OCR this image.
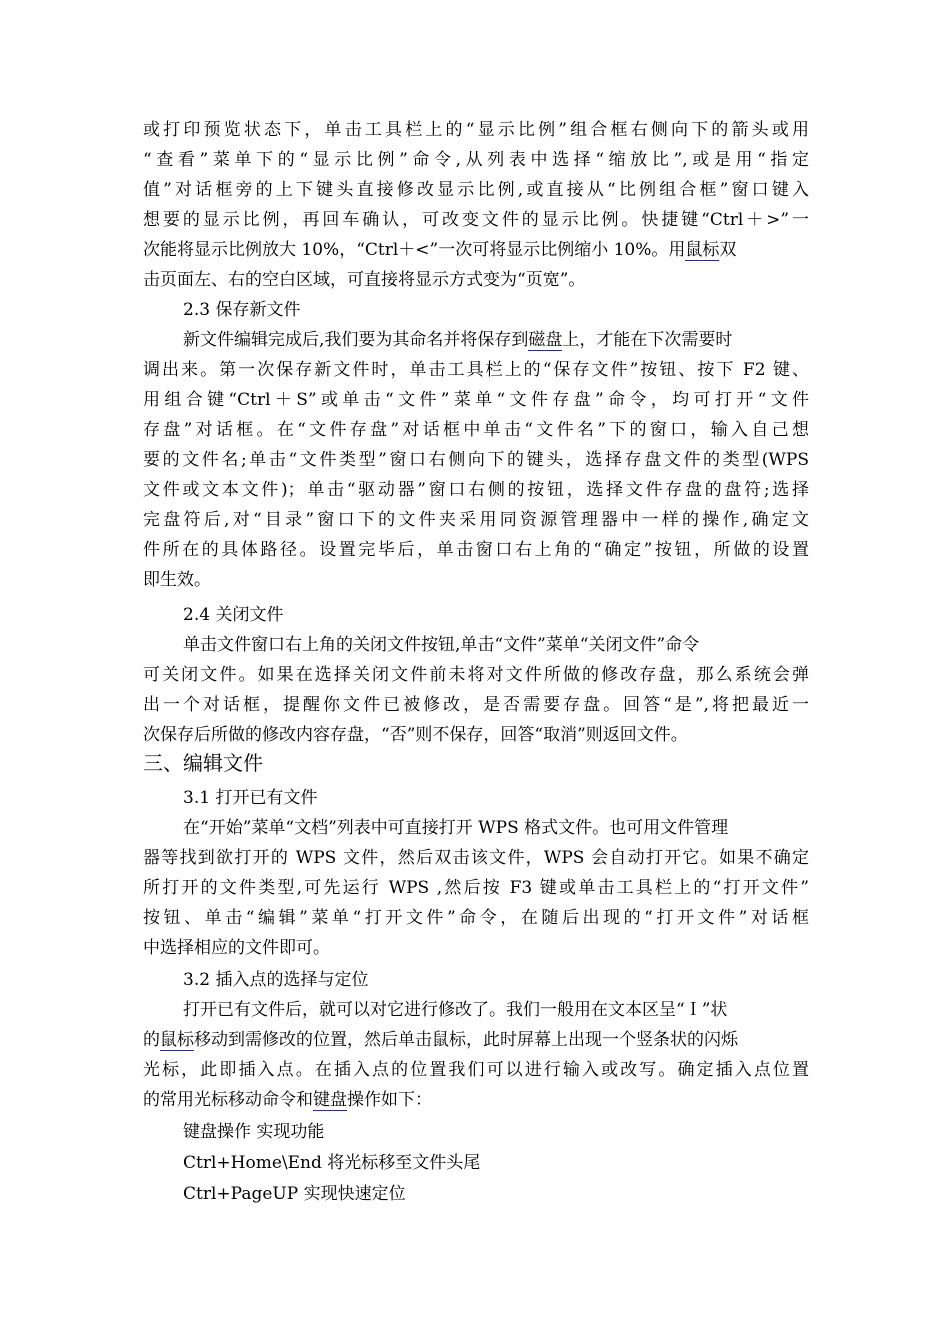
或打印预览状态下，单击工具栏上的“显示比例”组合框右侧向下的箭头或用
“查看”菜单下的“显示比例”命令,从列表中选择“缩放比”,或是用“指定
值”对话框旁的上下键头直接修改显示比例,或直接从“比例组合框”窗口键入
想要的显示比例，再回车确认，可改变文件的显示比例。快捷键“Ctrl＋>”一
次能将显示比例放大 10%，“Ctrl＋<”一次可将显示比例缩小 10%。用鼠标双
击页面左、右的空白区域，可直接将显示方式变为“页宽”。
2.3 保存新文件
新文件编辑完成后,我们要为其命名并将保存到磁盘上，才能在下次需要时
调出来。第一次保存新文件时，单击工具栏上的“保存文件”按钮、按下 F2 键、
用组合键“Ctrl＋S”或单击“文件”菜单“文件存盘”命令，均可打开“文件
存盘”对话框。在“文件存盘”对话框中单击“文件名”下的窗口，输入自己想
要的文件名;单击“文件类型”窗口右侧向下的键头，选择存盘文件的类型(WPS
文件或文本文件)；单击“驱动器”窗口右侧的按钮，选择文件存盘的盘符;选择
完盘符后,对“目录”窗口下的文件夹采用同资源管理器中一样的操作,确定文
件所在的具体路径。设置完毕后，单击窗口右上角的“确定”按钮，所做的设置
即生效。
2.4 关闭文件
单击文件窗口右上角的关闭文件按钮,单击“文件”菜单“关闭文件”命令
可关闭文件。如果在选择关闭文件前未将对文件所做的修改存盘，那么系统会弹
出一个对话框，提醒你文件已被修改，是否需要存盘。回答“是”,将把最近一
次保存后所做的修改内容存盘，“否”则不保存，回答“取消”则返回文件。
三、编辑文件
3.1 打开已有文件
在“开始”菜单“文档”列表中可直接打开 WPS 格式文件。也可用文件管理
器等找到欲打开的 WPS 文件，然后双击该文件，WPS 会自动打开它。如果不确定
所打开的文件类型,可先运行 WPS ,然后按 F3 键或单击工具栏上的“打开文件”
按钮、单击“编辑”菜单“打开文件”命令，在随后出现的“打开文件”对话框
中选择相应的文件即可。
3.2 插入点的选择与定位
打开已有文件后，就可以对它进行修改了。我们一般用在文本区呈“Ｉ”状
的鼠标移动到需修改的位置，然后单击鼠标，此时屏幕上出现一个竖条状的闪烁
光标，此即插入点。在插入点的位置我们可以进行输入或改写。确定插入点位置
的常用光标移动命令和键盘操作如下：
键盘操作 实现功能
Ctrl+Home\End 将光标移至文件头尾
Ctrl+PageUP 实现快速定位
